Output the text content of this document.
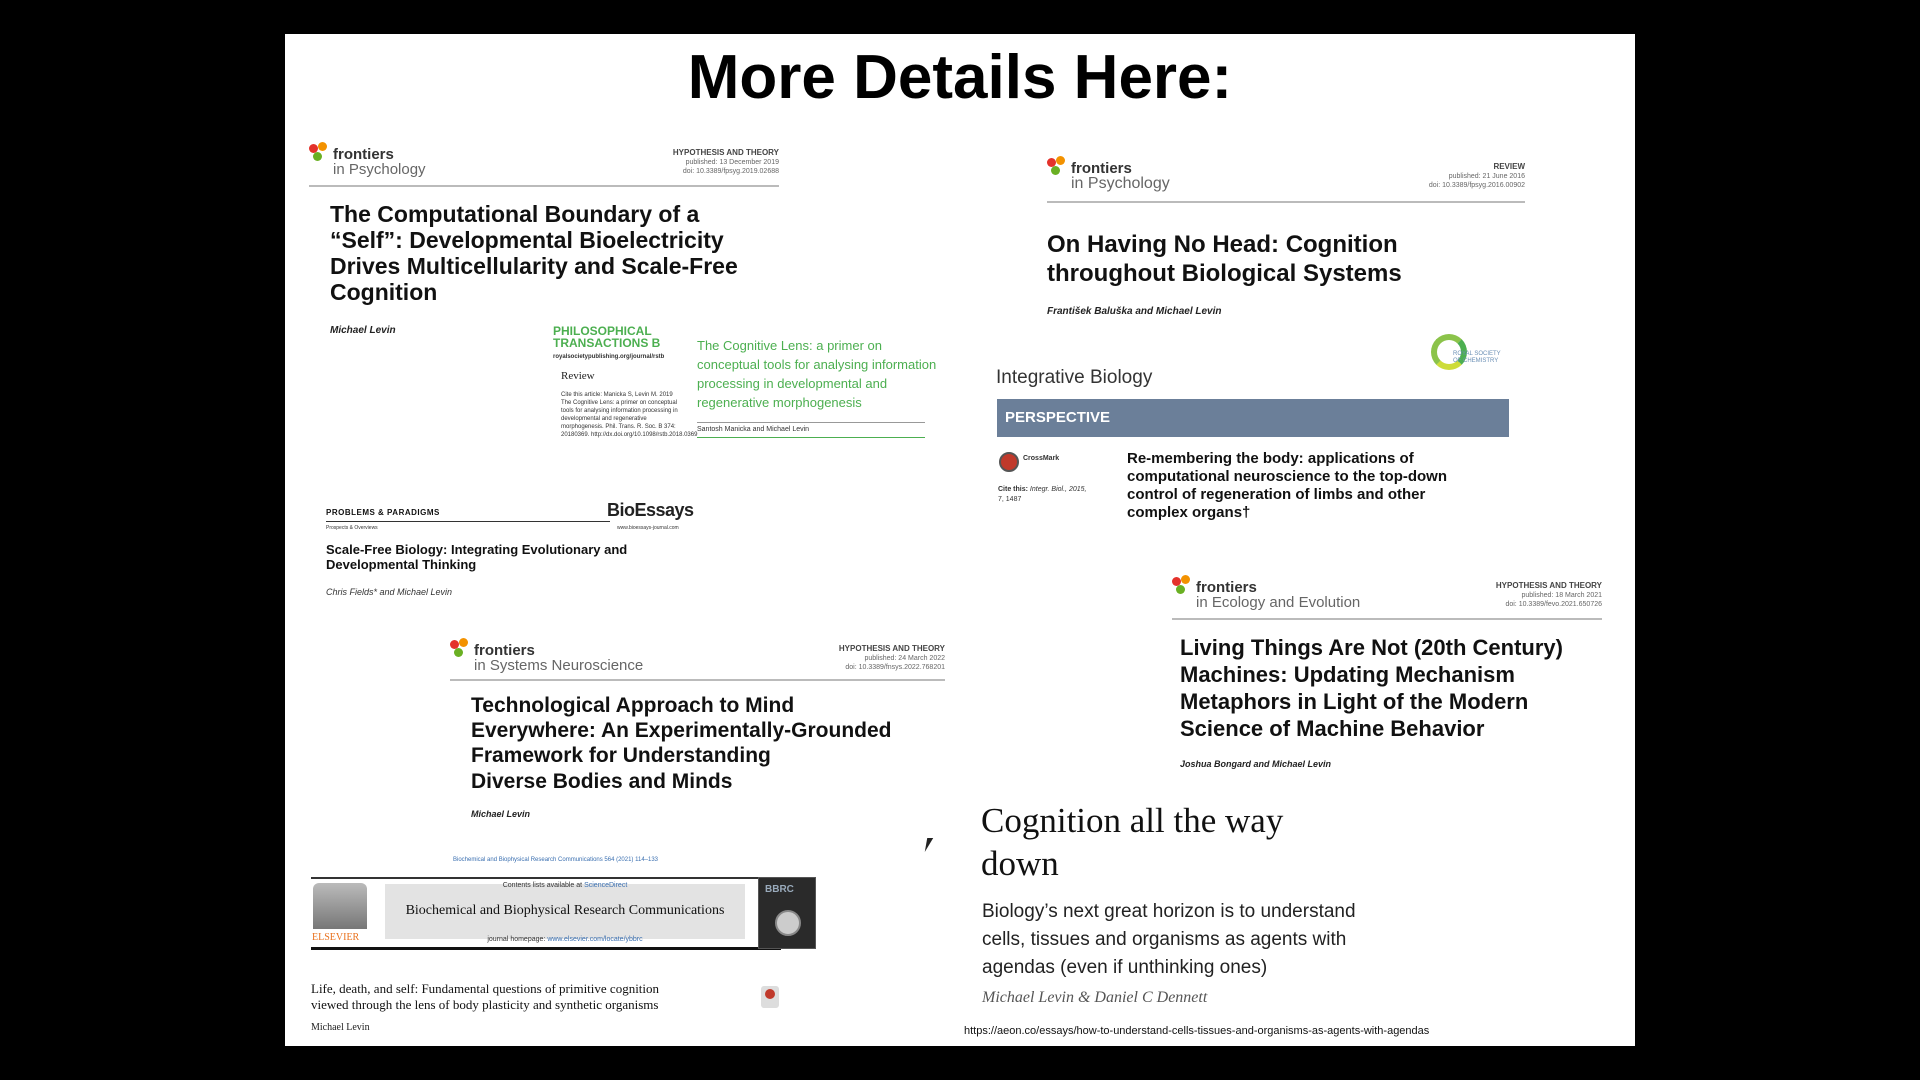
More Details Here:
frontiers
in Psychology
HYPOTHESIS AND THEORY
published: 13 December 2019
doi: 10.3389/fpsyg.2019.02688
The Computational Boundary of a
“Self”: Developmental Bioelectricity
Drives Multicellularity and Scale-Free
Cognition
Michael Levin	PHILOSOPHICAL
TRANSACTIONS B
royalsocietypublishing.org/journal/rstb
Review
Cite this article: Manicka S, Levin M. 2019
The Cognitive Lens: a primer on conceptual
tools for analysing information processing in
developmental and regenerative
morphogenesis. Phil. Trans. R. Soc. B 374:
20180369. http://dx.doi.org/10.1098/rstb.2018.0369
The Cognitive Lens: a primer on
conceptual tools for analysing information
processing in developmental and
regenerative morphogenesis
Santosh Manicka and Michael Levin
PROBLEMS & PARADIGMS
Prospects & Overviews
BioEssays
www.bioessays-journal.com
Scale-Free Biology: Integrating Evolutionary and
Developmental Thinking
Chris Fields* and Michael Levin
frontiers
in Systems Neuroscience
HYPOTHESIS AND THEORY
published: 24 March 2022
doi: 10.3389/fnsys.2022.768201
Technological Approach to Mind
Everywhere: An Experimentally-Grounded
Framework for Understanding
Diverse Bodies and Minds
Michael Levin
Biochemical and Biophysical Research Communications 564 (2021) 114–133
ELSEVIER
Contents lists available at ScienceDirect
Biochemical and Biophysical Research Communications
journal homepage: www.elsevier.com/locate/ybbrc
BBRC
Life, death, and self: Fundamental questions of primitive cognition
viewed through the lens of body plasticity and synthetic organisms
Michael Levin
frontiers
in Psychology
REVIEW
published: 21 June 2016
doi: 10.3389/fpsyg.2016.00902
On Having No Head: Cognition
throughout Biological Systems
František Baluška and Michael Levin
Integrative Biology
ROYAL SOCIETY
OF CHEMISTRY
PERSPECTIVE
CrossMark
Cite this: Integr. Biol., 2015,
7, 1487
Re-membering the body: applications of
computational neuroscience to the top-down
control of regeneration of limbs and other
complex organs†
frontiers
in Ecology and Evolution
HYPOTHESIS AND THEORY
published: 18 March 2021
doi: 10.3389/fevo.2021.650726
Living Things Are Not (20th Century)
Machines: Updating Mechanism
Metaphors in Light of the Modern
Science of Machine Behavior
Joshua Bongard and Michael Levin
Cognition all the way
down
Biology’s next great horizon is to understand
cells, tissues and organisms as agents with
agendas (even if unthinking ones)
Michael Levin & Daniel C Dennett
https://aeon.co/essays/how-to-understand-cells-tissues-and-organisms-as-agents-with-agendas
